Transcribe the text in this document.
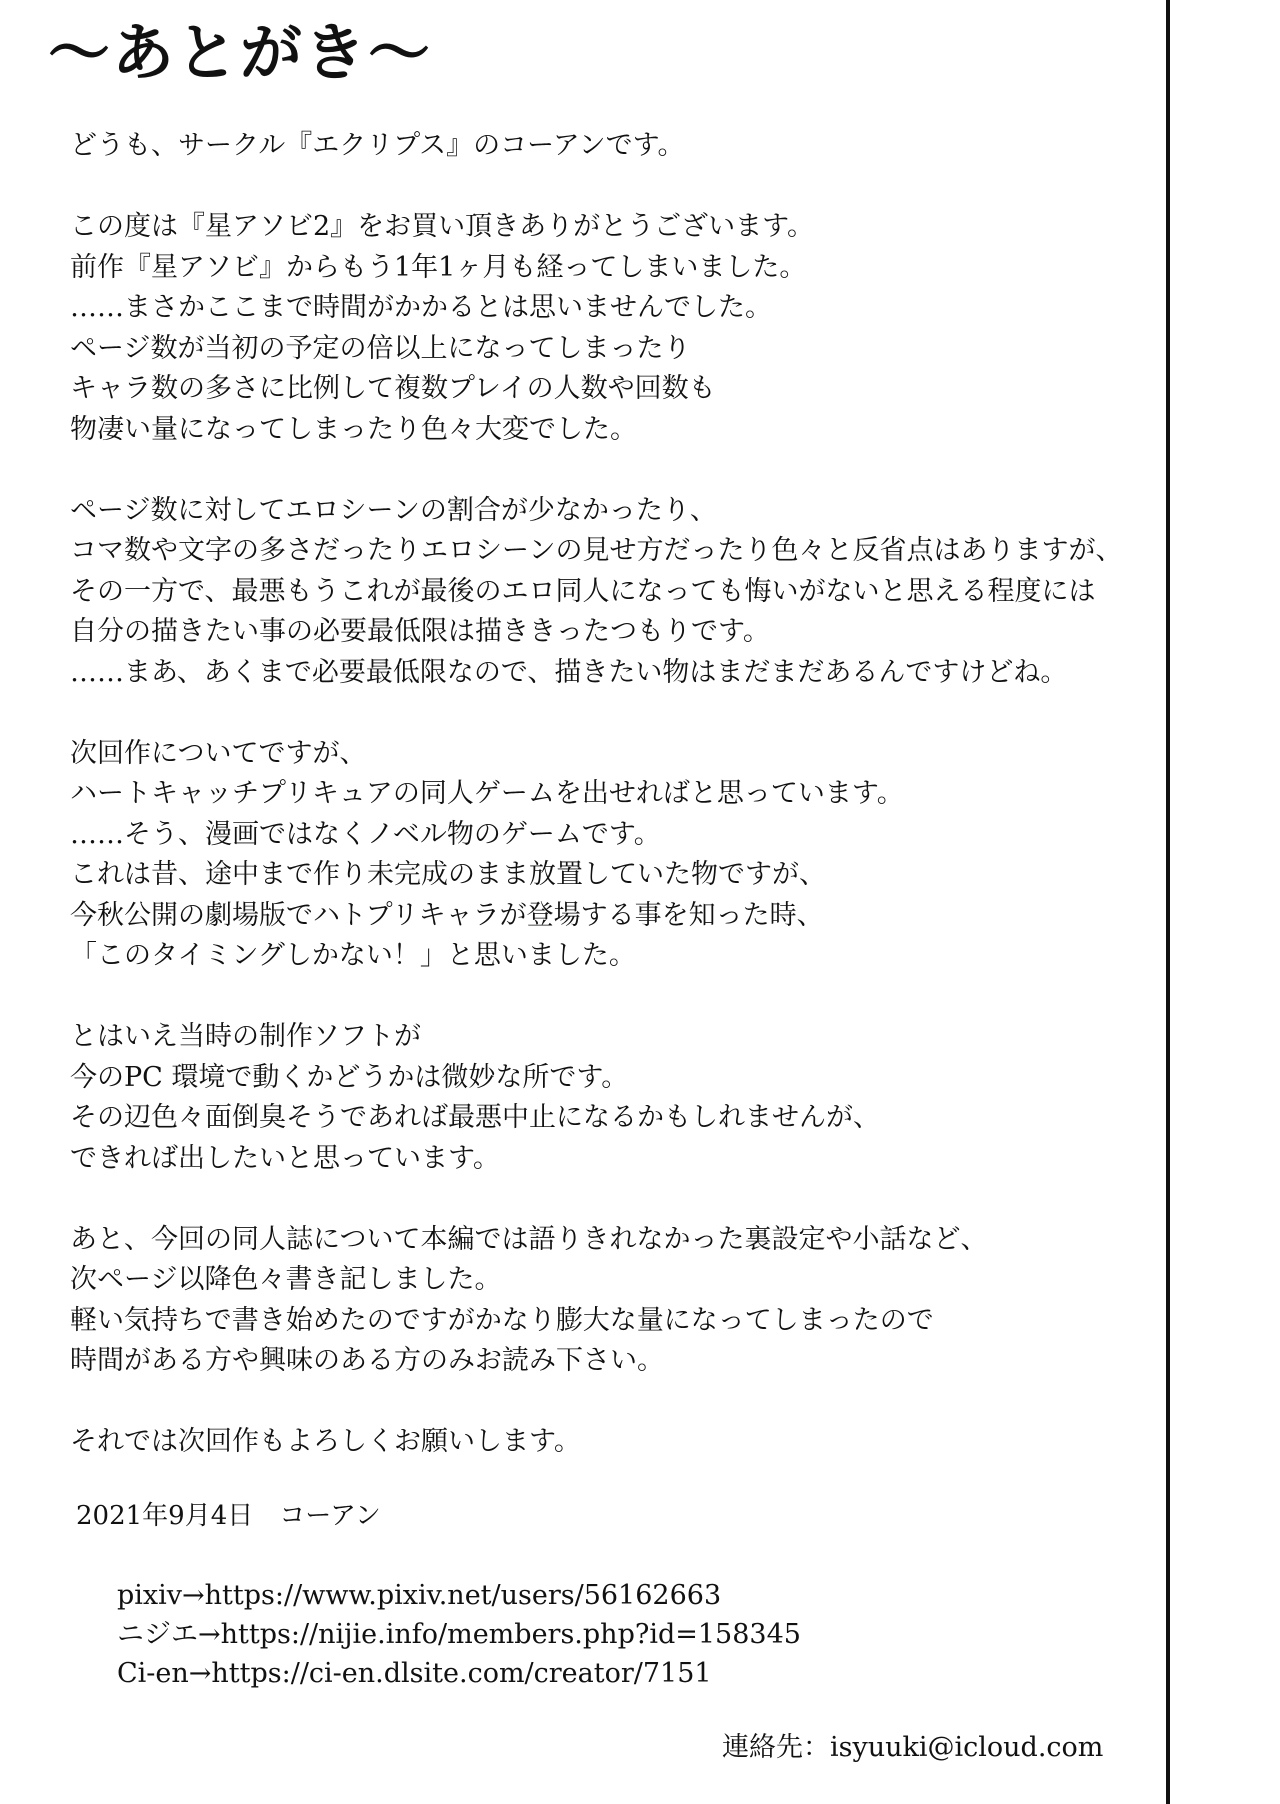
～あとがき～
どうも、サークル『エクリプス』のコーアンです。
この度は『星アソビ2』をお買い頂きありがとうございます。
前作『星アソビ』からもう1年1ヶ月も経ってしまいました。
……まさかここまで時間がかかるとは思いませんでした。
ページ数が当初の予定の倍以上になってしまったり
キャラ数の多さに比例して複数プレイの人数や回数も
物凄い量になってしまったり色々大変でした。
ページ数に対してエロシーンの割合が少なかったり、
コマ数や文字の多さだったりエロシーンの見せ方だったり色々と反省点はありますが、
その一方で、最悪もうこれが最後のエロ同人になっても悔いがないと思える程度には
自分の描きたい事の必要最低限は描ききったつもりです。
……まあ、あくまで必要最低限なので、描きたい物はまだまだあるんですけどね。
次回作についてですが、
ハートキャッチプリキュアの同人ゲームを出せればと思っています。
……そう、漫画ではなくノベル物のゲームです。
これは昔、途中まで作り未完成のまま放置していた物ですが、
今秋公開の劇場版でハトプリキャラが登場する事を知った時、
「このタイミングしかない！」と思いました。
とはいえ当時の制作ソフトが
今のPC 環境で動くかどうかは微妙な所です。
その辺色々面倒臭そうであれば最悪中止になるかもしれませんが、
できれば出したいと思っています。
あと、今回の同人誌について本編では語りきれなかった裏設定や小話など、
次ページ以降色々書き記しました。
軽い気持ちで書き始めたのですがかなり膨大な量になってしまったので
時間がある方や興味のある方のみお読み下さい。
それでは次回作もよろしくお願いします。
2021年9月4日　コーアン
pixiv→https://www.pixiv.net/users/56162663
ニジエ→https://nijie.info/members.php?id=158345
Ci-en→https://ci-en.dlsite.com/creator/7151
連絡先：isyuuki@icloud.com
